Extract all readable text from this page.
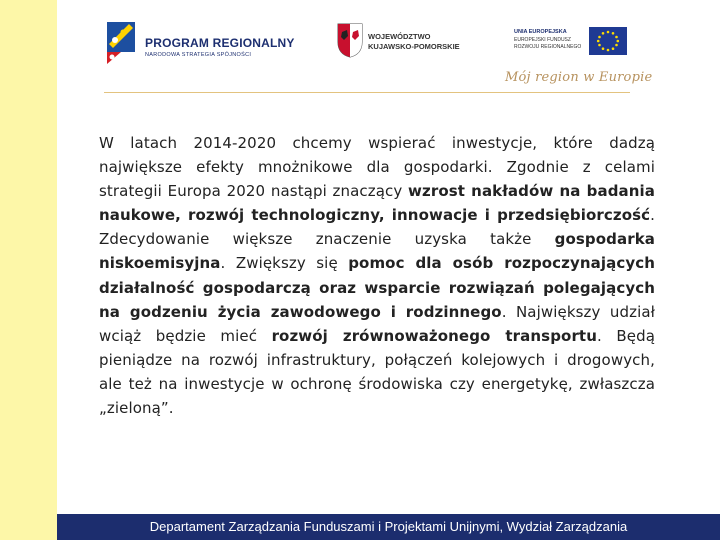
PROGRAM REGIONALNY
NARODOWA STRATEGIA SPÓJNOŚCI
WOJEWÓDZTWO
KUJAWSKO-POMORSKIE
UNIA EUROPEJSKA
EUROPEJSKI FUNDUSZ
ROZWOJU REGIONALNEGO
Mój region w Europie
W latach 2014-2020 chcemy wspierać inwestycje, które dadzą największe efekty mnożnikowe dla gospodarki. Zgodnie z celami strategii Europa 2020 nastąpi znaczący wzrost nakładów na badania naukowe, rozwój technologiczny, innowacje i przedsiębiorczość. Zdecydowanie większe znaczenie uzyska także gospodarka niskoemisyjna. Zwiększy się pomoc dla osób rozpoczynających działalność gospodarczą oraz wsparcie rozwiązań polegających na godzeniu życia zawodowego i rodzinnego. Największy udział wciąż będzie mieć rozwój zrównoważonego transportu. Będą pieniądze na rozwój infrastruktury, połączeń kolejowych i drogowych, ale też na inwestycje w ochronę środowiska czy energetykę, zwłaszcza „zieloną”.
Departament Zarządzania Funduszami i Projektami Unijnymi, Wydział Zarządzania
